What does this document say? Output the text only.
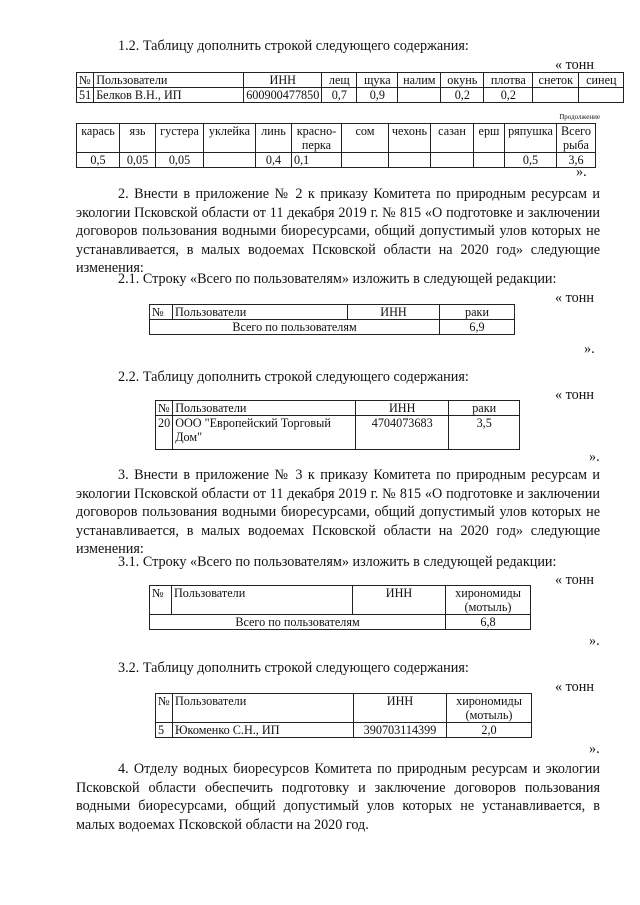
1.2. Таблицу дополнить строкой следующего содержания:
« тонн
№	Пользователи	ИНН	лещ	щука	налим	окунь	плотва	снеток	синец
51	Белков В.Н., ИП	600900477850	0,7	0,9		0,2	0,2		
Продолжение
карась	язь	густера	уклейка	линь	красно-перка	сом	чехонь	сазан	ерш	ряпушка	Всего рыба
0,5	0,05	0,05		0,4	0,1					0,5	3,6
».
2. Внести в приложение № 2 к приказу Комитета по природным ресурсам и экологии Псковской области от 11 декабря 2019 г. № 815 «О подготовке и заключении договоров пользования водными биоресурсами, общий допустимый улов которых не устанавливается, в малых водоемах Псковской области на 2020 год» следующие изменения:
2.1. Строку «Всего по пользователям» изложить в следующей редакции:
« тонн
№	Пользователи	ИНН	раки
Всего по пользователям			6,9
».
2.2. Таблицу дополнить строкой следующего содержания:
« тонн
№	Пользователи	ИНН	раки
20	ООО "Европейский Торговый Дом"	4704073683	3,5
».
3. Внести в приложение № 3 к приказу Комитета по природным ресурсам и экологии Псковской области от 11 декабря 2019 г. № 815 «О подготовке и заключении договоров пользования водными биоресурсами, общий допустимый улов которых не устанавливается, в малых водоемах Псковской области на 2020 год» следующие изменения:
3.1. Строку «Всего по пользователям» изложить в следующей редакции:
« тонн
№	Пользователи	ИНН	хирономиды (мотыль)
Всего по пользователям			6,8
».
3.2. Таблицу дополнить строкой следующего содержания:
« тонн
№	Пользователи	ИНН	хирономиды (мотыль)
5	Юкоменко С.Н., ИП	390703114399	2,0
».
4. Отделу водных биоресурсов Комитета по природным ресурсам и экологии Псковской области обеспечить подготовку и заключение договоров пользования водными биоресурсами, общий допустимый улов которых не устанавливается, в малых водоемах Псковской области на 2020 год.
